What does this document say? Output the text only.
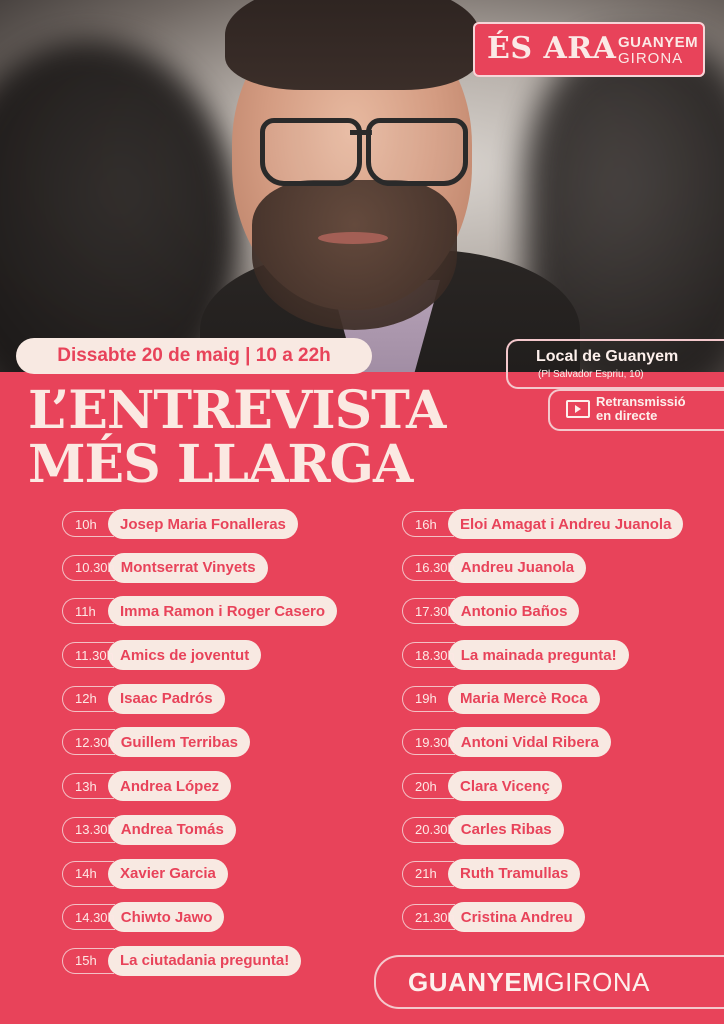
ÉS ARA GUANYEM
GIRONA
Dissabte 20 de maig | 10 a 22h	Local de Guanyem
(Pl Salvador Espriu, 10)
Retransmissió
en directe
L’ENTREVISTA
MÉS LLARGA
10h	Josep Maria Fonalleras
10.30h Montserrat Vinyets
11h	Imma Ramon i Roger Casero
11.30h Amics de joventut
12h	Isaac Padrós
12.30h Guillem Terribas
13h	Andrea López
13.30h Andrea Tomás
14h	Xavier Garcia
14.30h Chiwto Jawo
15h	La ciutadania pregunta!
16h	Eloi Amagat i Andreu Juanola
16.30h Andreu Juanola
17.30h Antonio Baños
18.30h La mainada pregunta!
19h	Maria Mercè Roca
19.30h Antoni Vidal Ribera
20h	Clara Vicenç
20.30h Carles Ribas
21h	Ruth Tramullas
21.30h Cristina Andreu
GUANYEMGIRONA
